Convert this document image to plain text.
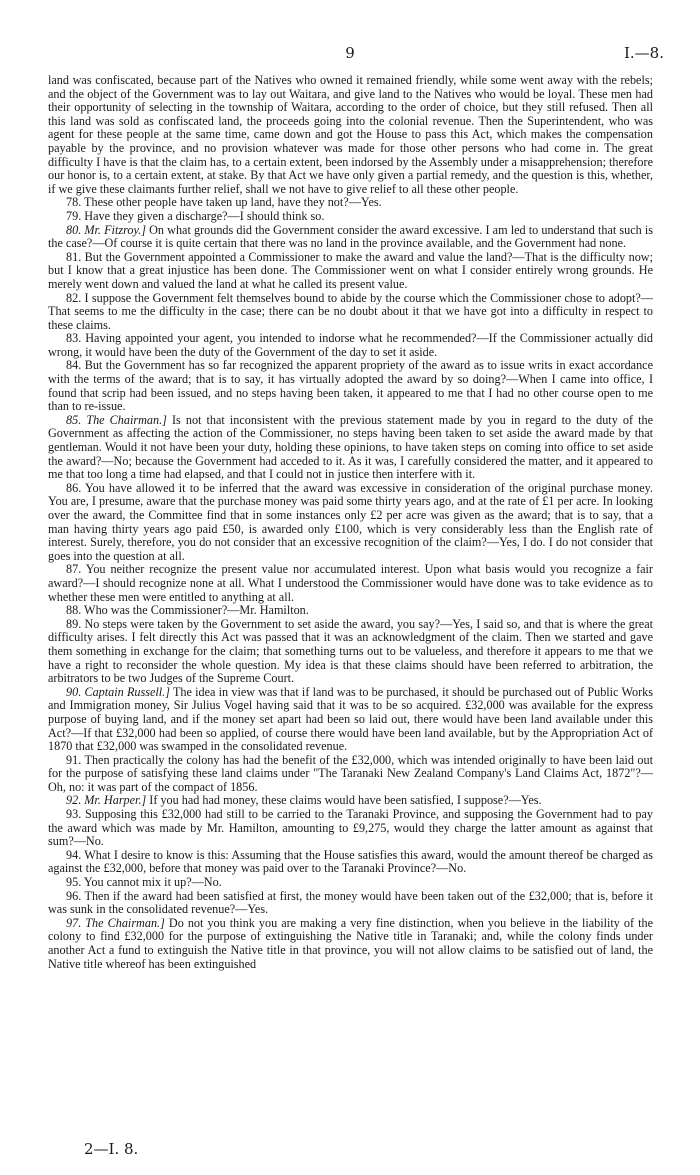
9	I.—8.

land was confiscated, because part of the Natives who owned it remained friendly, while some went away with the rebels; and the object of the Government was to lay out Waitara, and give land to the Natives who would be loyal. These men had their opportunity of selecting in the township of Waitara, according to the order of choice, but they still refused. Then all this land was sold as confiscated land, the proceeds going into the colonial revenue. Then the Superintendent, who was agent for these people at the same time, came down and got the House to pass this Act, which makes the compensation payable by the province, and no provision whatever was made for those other persons who had come in. The great difficulty I have is that the claim has, to a certain extent, been indorsed by the Assembly under a misapprehension; therefore our honor is, to a certain extent, at stake. By that Act we have only given a partial remedy, and the question is this, whether, if we give these claimants further relief, shall we not have to give relief to all these other people.

78. These other people have taken up land, have they not?—Yes.

79. Have they given a discharge?—I should think so.

80. Mr. Fitzroy.] On what grounds did the Government consider the award excessive. I am led to understand that such is the case?—Of course it is quite certain that there was no land in the province available, and the Government had none.

81. But the Government appointed a Commissioner to make the award and value the land?—That is the difficulty now; but I know that a great injustice has been done. The Commissioner went on what I consider entirely wrong grounds. He merely went down and valued the land at what he called its present value.

82. I suppose the Government felt themselves bound to abide by the course which the Commissioner chose to adopt?—That seems to me the difficulty in the case; there can be no doubt about it that we have got into a difficulty in respect to these claims.

83. Having appointed your agent, you intended to indorse what he recommended?—If the Commissioner actually did wrong, it would have been the duty of the Government of the day to set it aside.

84. But the Government has so far recognized the apparent propriety of the award as to issue writs in exact accordance with the terms of the award; that is to say, it has virtually adopted the award by so doing?—When I came into office, I found that scrip had been issued, and no steps having been taken, it appeared to me that I had no other course open to me than to re-issue.

85. The Chairman.] Is not that inconsistent with the previous statement made by you in regard to the duty of the Government as affecting the action of the Commissioner, no steps having been taken to set aside the award made by that gentleman. Would it not have been your duty, holding these opinions, to have taken steps on coming into office to set aside the award?—No; because the Government had acceded to it. As it was, I carefully considered the matter, and it appeared to me that too long a time had elapsed, and that I could not in justice then interfere with it.

86. You have allowed it to be inferred that the award was excessive in consideration of the original purchase money. You are, I presume, aware that the purchase money was paid some thirty years ago, and at the rate of £1 per acre. In looking over the award, the Committee find that in some instances only £2 per acre was given as the award; that is to say, that a man having thirty years ago paid £50, is awarded only £100, which is very considerably less than the English rate of interest. Surely, therefore, you do not consider that an excessive recognition of the claim?—Yes, I do. I do not consider that goes into the question at all.

87. You neither recognize the present value nor accumulated interest. Upon what basis would you recognize a fair award?—I should recognize none at all. What I understood the Commissioner would have done was to take evidence as to whether these men were entitled to anything at all.

88. Who was the Commissioner?—Mr. Hamilton.

89. No steps were taken by the Government to set aside the award, you say?—Yes, I said so, and that is where the great difficulty arises. I felt directly this Act was passed that it was an acknowledgment of the claim. Then we started and gave them something in exchange for the claim; that something turns out to be valueless, and therefore it appears to me that we have a right to reconsider the whole question. My idea is that these claims should have been referred to arbitration, the arbitrators to be two Judges of the Supreme Court.

90. Captain Russell.] The idea in view was that if land was to be purchased, it should be purchased out of Public Works and Immigration money, Sir Julius Vogel having said that it was to be so acquired. £32,000 was available for the express purpose of buying land, and if the money set apart had been so laid out, there would have been land available under this Act?—If that £32,000 had been so applied, of course there would have been land available, but by the Appropriation Act of 1870 that £32,000 was swamped in the consolidated revenue.

91. Then practically the colony has had the benefit of the £32,000, which was intended originally to have been laid out for the purpose of satisfying these land claims under "The Taranaki New Zealand Company's Land Claims Act, 1872"?—Oh, no: it was part of the compact of 1856.

92. Mr. Harper.] If you had had money, these claims would have been satisfied, I suppose?—Yes.

93. Supposing this £32,000 had still to be carried to the Taranaki Province, and supposing the Government had to pay the award which was made by Mr. Hamilton, amounting to £9,275, would they charge the latter amount as against that sum?—No.

94. What I desire to know is this: Assuming that the House satisfies this award, would the amount thereof be charged as against the £32,000, before that money was paid over to the Taranaki Province?—No.

95. You cannot mix it up?—No.

96. Then if the award had been satisfied at first, the money would have been taken out of the £32,000; that is, before it was sunk in the consolidated revenue?—Yes.

97. The Chairman.] Do not you think you are making a very fine distinction, when you believe in the liability of the colony to find £32,000 for the purpose of extinguishing the Native title in Taranaki; and, while the colony finds under another Act a fund to extinguish the Native title in that province, you will not allow claims to be satisfied out of land, the Native title whereof has been extinguished

2—I. 8.
